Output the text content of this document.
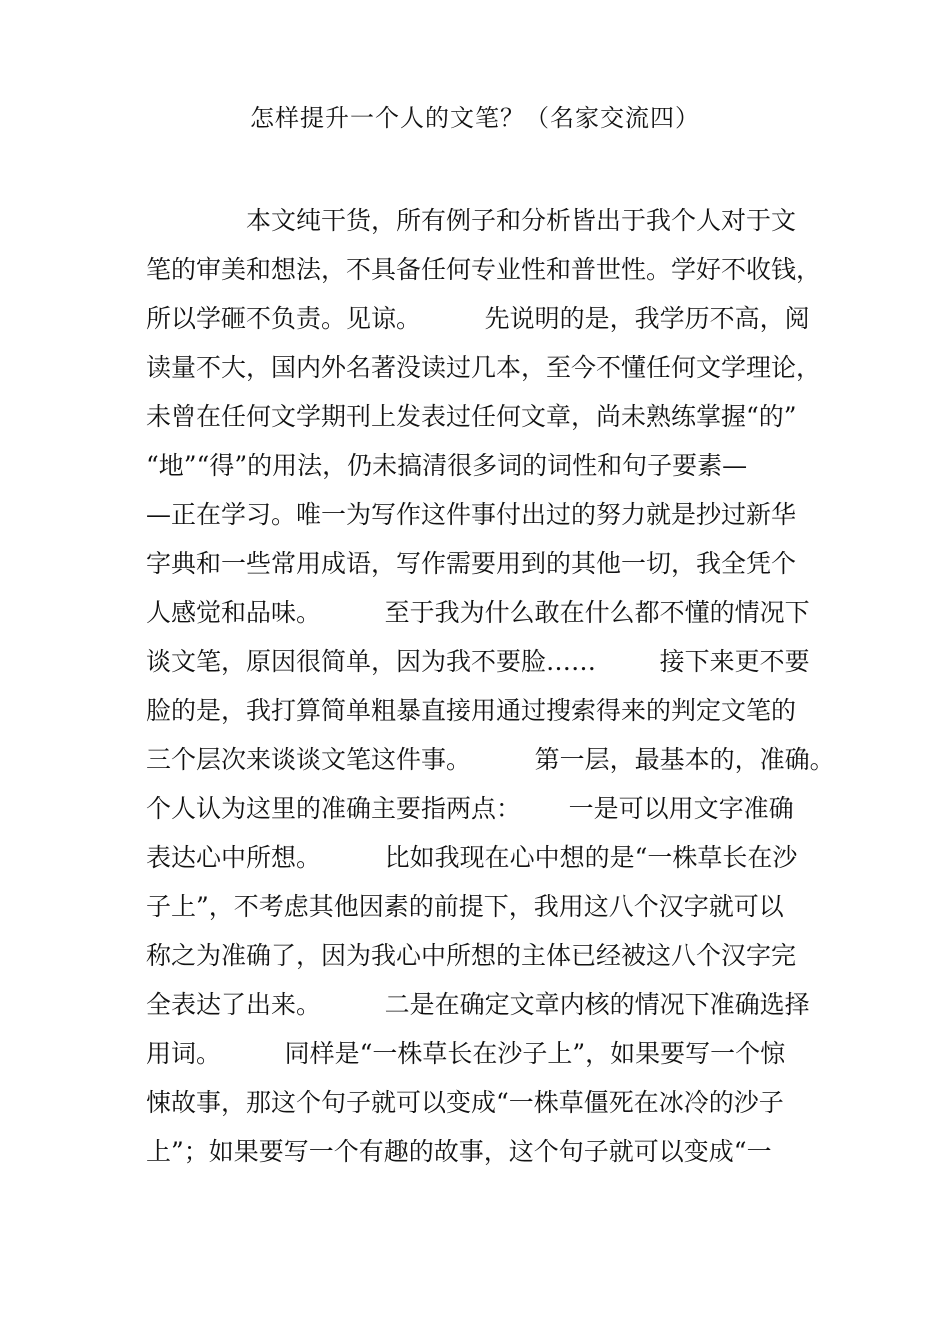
怎样提升一个人的文笔？（名家交流四）
本文纯干货，所有例子和分析皆出于我个人对于文
笔的审美和想法，不具备任何专业性和普世性。学好不收钱，
所以学砸不负责。见谅。        先说明的是，我学历不高，阅
读量不大，国内外名著没读过几本，至今不懂任何文学理论，
未曾在任何文学期刊上发表过任何文章，尚未熟练掌握“的”
“地”“得”的用法，仍未搞清很多词的词性和句子要素—
—正在学习。唯一为写作这件事付出过的努力就是抄过新华
字典和一些常用成语，写作需要用到的其他一切，我全凭个
人感觉和品味。        至于我为什么敢在什么都不懂的情况下
谈文笔，原因很简单，因为我不要脸……        接下来更不要
脸的是，我打算简单粗暴直接用通过搜索得来的判定文笔的
三个层次来谈谈文笔这件事。        第一层，最基本的，准确。
个人认为这里的准确主要指两点：      一是可以用文字准确
表达心中所想。        比如我现在心中想的是“一株草长在沙
子上”，不考虑其他因素的前提下，我用这八个汉字就可以
称之为准确了，因为我心中所想的主体已经被这八个汉字完
全表达了出来。        二是在确定文章内核的情况下准确选择
用词。        同样是“一株草长在沙子上”，如果要写一个惊
悚故事，那这个句子就可以变成“一株草僵死在冰冷的沙子
上”；如果要写一个有趣的故事，这个句子就可以变成“一
